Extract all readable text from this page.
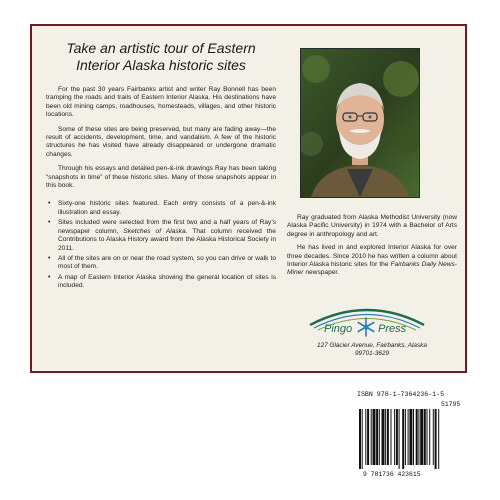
Take an artistic tour of Eastern
Interior Alaska historic sites

For the past 30 years Fairbanks artist and writer Ray Bonnell has been tramping the roads and trails of Eastern Interior Alaska. His destinations have been old mining camps, roadhouses, homesteads, villages, and other historic locations.

Some of these sites are being preserved, but many are fading away—the result of accidents, development, time, and vandalism. A few of the historic structures he has visited have already disappeared or undergone dramatic changes.

Through his essays and detailed pen-&-ink drawings Ray has been taking “snapshots in time” of these historic sites. Many of those snapshots appear in this book.

• Sixty-one historic sites featured. Each entry consists of a pen-&-ink illustration and essay.
• Sites included were selected from the first two and a half years of Ray’s newspaper column, Sketches of Alaska. That column received the Contributions to Alaska History award from the Alaska Historical Society in 2011.
• All of the sites are on or near the road system, so you can drive or walk to most of them.
• A map of Eastern Interior Alaska showing the general location of sites is included.

Ray graduated from Alaska Methodist University (now Alaska Pacific University) in 1974 with a Bachelor of Arts degree in anthropology and art.

He has lived in and explored Interior Alaska for over three decades. Since 2010 he has written a column about Interior Alaska historic sites for the Fairbanks Daily News-Miner newspaper.

Pingo Press
127 Glacier Avenue, Fairbanks, Alaska
99701-3629
ISBN 978-1-7364236-1-5
51795
9 781736 423615
